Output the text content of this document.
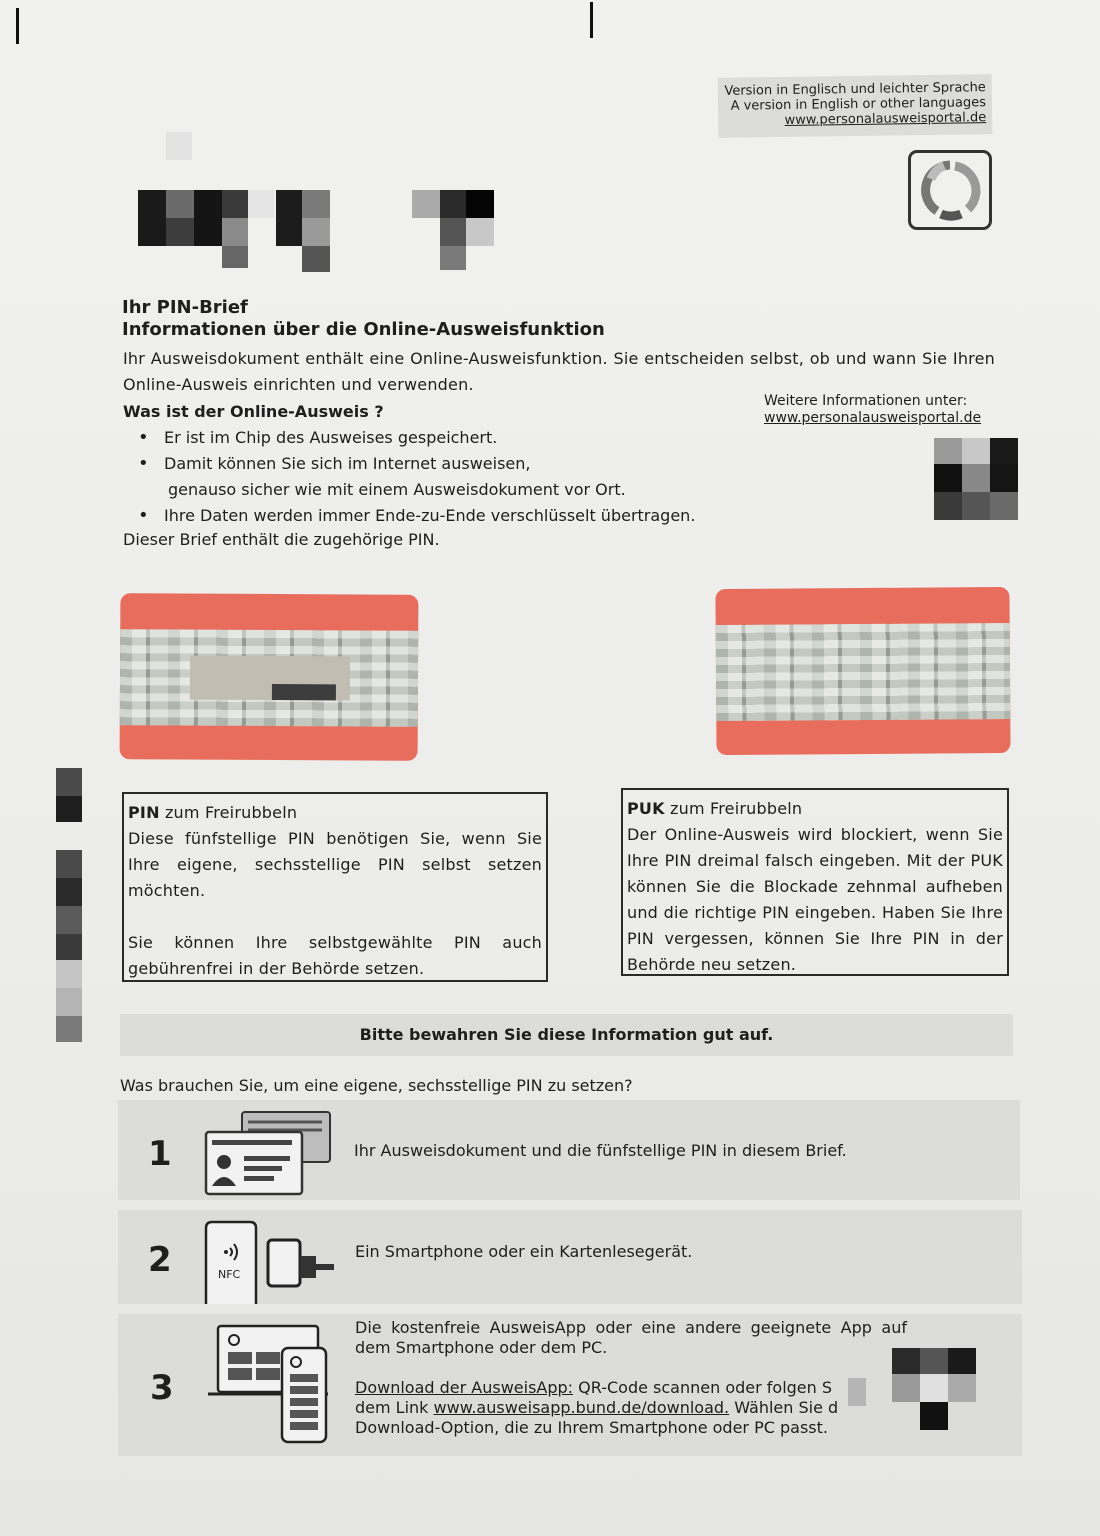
Version in Englisch und leichter Sprache
A version in English or other languages
www.personalausweisportal.de
Ihr PIN-Brief
Informationen über die Online-Ausweisfunktion
Ihr Ausweisdokument enthält eine Online-Ausweisfunktion. Sie entscheiden selbst, ob und wann Sie Ihren Online-Ausweis einrichten und verwenden.
Weitere Informationen unter:
www.personalausweisportal.de
Was ist der Online-Ausweis ?
• Er ist im Chip des Ausweises gespeichert.
• Damit können Sie sich im Internet ausweisen,
genauso sicher wie mit einem Ausweisdokument vor Ort.
• Ihre Daten werden immer Ende-zu-Ende verschlüsselt übertragen.
Dieser Brief enthält die zugehörige PIN.
PIN zum Freirubbeln
Diese fünfstellige PIN benötigen Sie, wenn Sie Ihre eigene, sechsstellige PIN selbst setzen möchten.
Sie können Ihre selbstgewählte PIN auch gebührenfrei in der Behörde setzen.
PUK zum Freirubbeln
Der Online-Ausweis wird blockiert, wenn Sie Ihre PIN dreimal falsch eingeben. Mit der PUK können Sie die Blockade zehnmal aufheben und die richtige PIN eingeben. Haben Sie Ihre PIN vergessen, können Sie Ihre PIN in der Behörde neu setzen.
Bitte bewahren Sie diese Information gut auf.
Was brauchen Sie, um eine eigene, sechsstellige PIN zu setzen?
1	Ihr Ausweisdokument und die fünfstellige PIN in diesem Brief.
2	NFC
Ein Smartphone oder ein Kartenlesegerät.
3
Die kostenfreie AusweisApp oder eine andere geeignete App auf dem Smartphone oder dem PC.
Download der AusweisApp: QR-Code scannen oder folgen S
dem Link www.ausweisapp.bund.de/download. Wählen Sie d
Download-Option, die zu Ihrem Smartphone oder PC passt.
